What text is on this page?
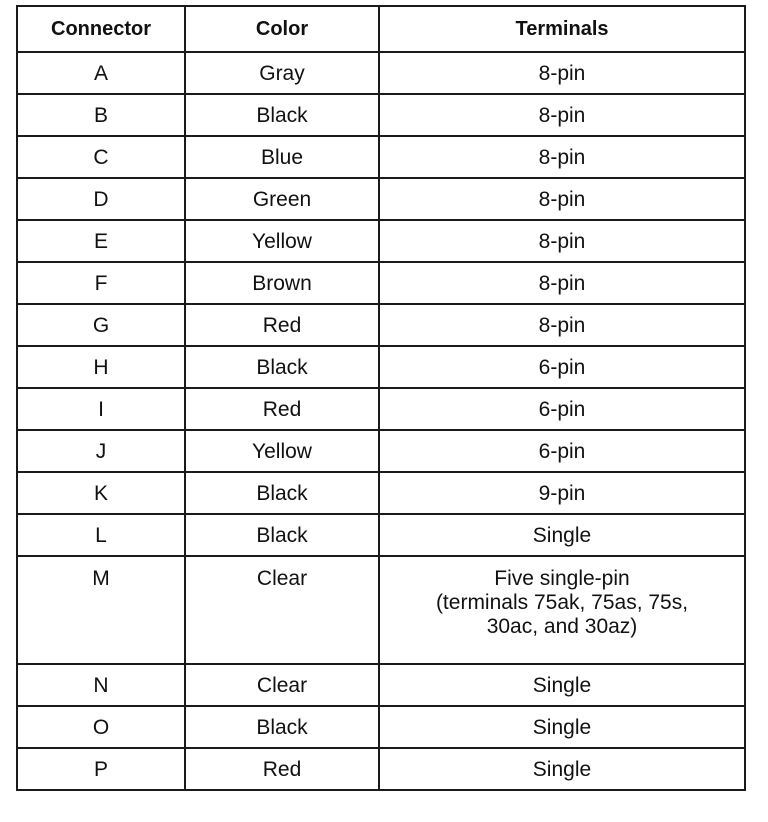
Connector	Color	Terminals
A	Gray	8-pin
B	Black	8-pin
C	Blue	8-pin
D	Green	8-pin
E	Yellow	8-pin
F	Brown	8-pin
G	Red	8-pin
H	Black	6-pin
I	Red	6-pin
J	Yellow	6-pin
K	Black	9-pin
L	Black	Single
M	Clear	Five single-pin
(terminals 75ak, 75as, 75s,
30ac, and 30az)

N	Clear	Single
O	Black	Single
P	Red	Single
